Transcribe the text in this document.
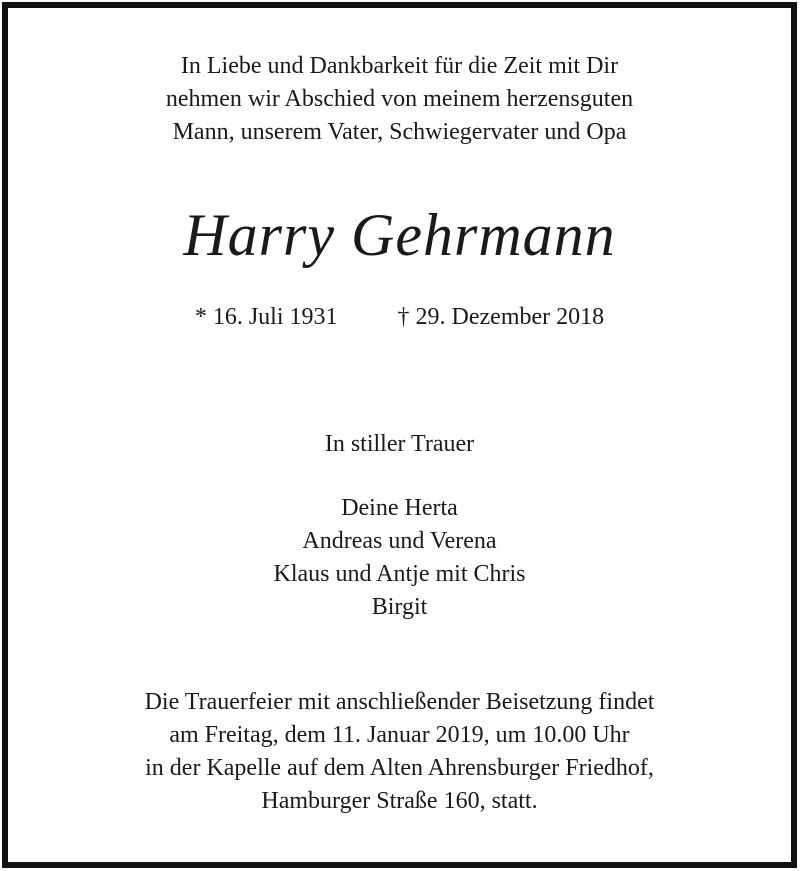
In Liebe und Dankbarkeit für die Zeit mit Dir
nehmen wir Abschied von meinem herzensguten
Mann, unserem Vater, Schwiegervater und Opa
Harry Gehrmann
* 16. Juli 1931	† 29. Dezember 2018
In stiller Trauer
Deine Herta
Andreas und Verena
Klaus und Antje mit Chris
Birgit
Die Trauerfeier mit anschließender Beisetzung findet
am Freitag, dem 11. Januar 2019, um 10.00 Uhr
in der Kapelle auf dem Alten Ahrensburger Friedhof,
Hamburger Straße 160, statt.
